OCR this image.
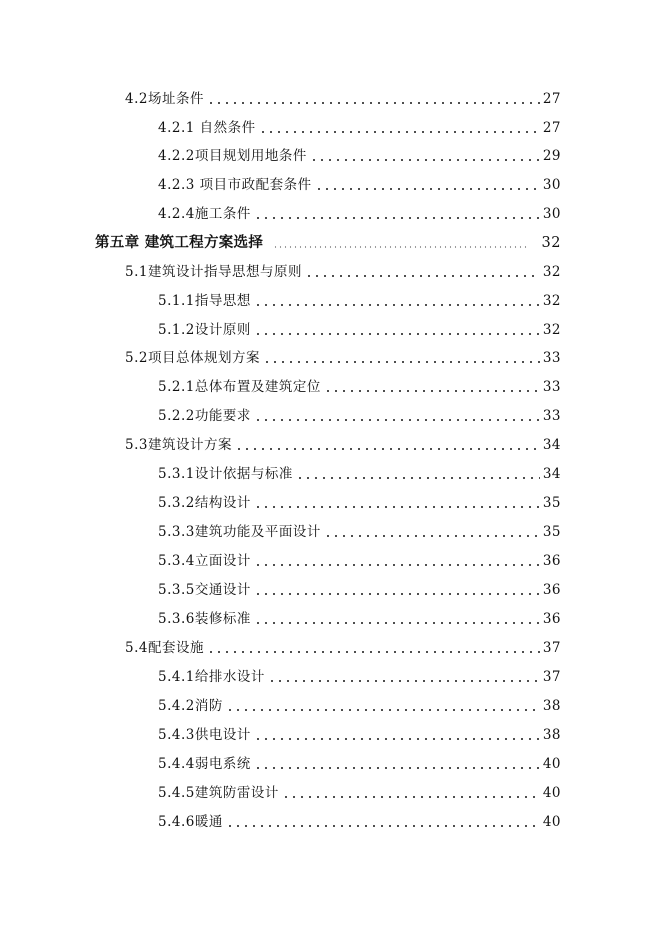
4.2场址条件	27
4.2.1 自然条件	27
4.2.2项目规划用地条件	29
4.2.3 项目市政配套条件	30
4.2.4施工条件	30
第五章 建筑工程方案选择	32
5.1建筑设计指导思想与原则	32
5.1.1指导思想	32
5.1.2设计原则	32
5.2项目总体规划方案	33
5.2.1总体布置及建筑定位	33
5.2.2功能要求	33
5.3建筑设计方案	34
5.3.1设计依据与标准	34
5.3.2结构设计	35
5.3.3建筑功能及平面设计	35
5.3.4立面设计	36
5.3.5交通设计	36
5.3.6装修标准	36
5.4配套设施	37
5.4.1给排水设计	37
5.4.2消防	38
5.4.3供电设计	38
5.4.4弱电系统	40
5.4.5建筑防雷设计	40
5.4.6暖通	40
